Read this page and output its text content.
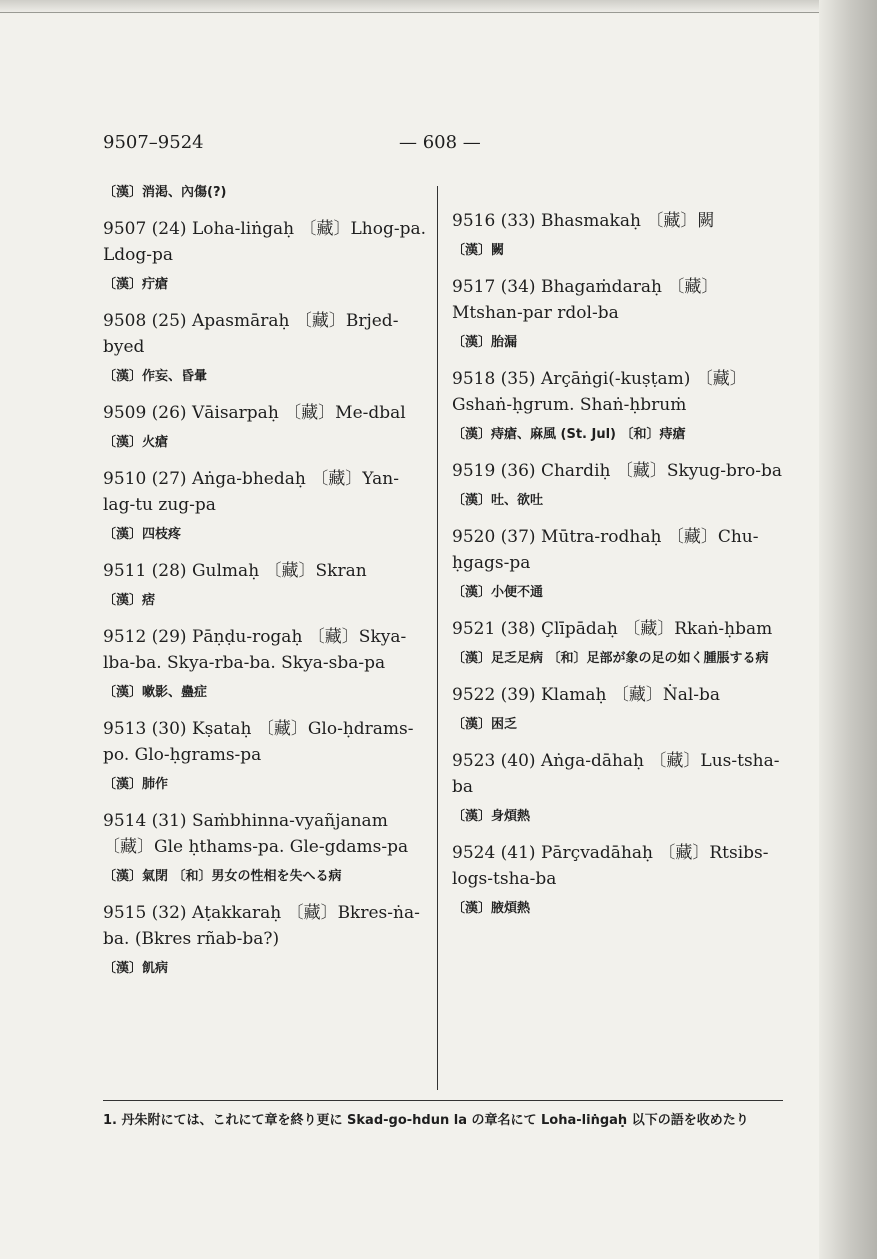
9507–9524	— 608 —
〔漢〕消渇、內傷(?)
9507 (24) Loha-liṅgaḥ 〔藏〕Lhog-pa. Ldog-pa
〔漢〕疔瘡
9508 (25) Apasmāraḥ 〔藏〕Brjed-byed
〔漢〕作妄、昏暈
9509 (26) Vāisarpaḥ 〔藏〕Me-dbal
〔漢〕火瘡
9510 (27) Aṅga-bhedaḥ 〔藏〕Yan-lag-tu zug-pa
〔漢〕四枝疼
9511 (28) Gulmaḥ 〔藏〕Skran
〔漢〕痞
9512 (29) Pāṇḍu-rogaḥ 〔藏〕Skya-lba-ba. Skya-rba-ba. Skya-sba-pa
〔漢〕嗽影、蠱症
9513 (30) Kṣataḥ 〔藏〕Glo-ḥdrams-po. Glo-ḥgrams-pa
〔漢〕肺作
9514 (31) Saṁbhinna-vyañjanam 〔藏〕Gle ḥthams-pa. Gle-gdams-pa
〔漢〕氣閉 〔和〕男女の性相を失へる病
9515 (32) Aṭakkaraḥ 〔藏〕Bkres-ṅa-ba. (Bkres rñab-ba?)
〔漢〕飢病
9516 (33) Bhasmakaḥ 〔藏〕闕
〔漢〕闕
9517 (34) Bhagaṁdaraḥ 〔藏〕Mtshan-par rdol-ba
〔漢〕胎漏
9518 (35) Arçāṅgi(-kuṣṭam) 〔藏〕Gshaṅ-ḥgrum. Shaṅ-ḥbruṁ
〔漢〕痔瘡、麻風 (St. Jul) 〔和〕痔瘡
9519 (36) Chardiḥ 〔藏〕Skyug-bro-ba
〔漢〕吐、欲吐
9520 (37) Mūtra-rodhaḥ 〔藏〕Chu-ḥgags-pa
〔漢〕小便不通
9521 (38) Çlīpādaḥ 〔藏〕Rkaṅ-ḥbam
〔漢〕足乏足病 〔和〕足部が象の足の如く腫脹する病
9522 (39) Klamaḥ 〔藏〕Ṅal-ba
〔漢〕困乏
9523 (40) Aṅga-dāhaḥ 〔藏〕Lus-tsha-ba
〔漢〕身煩熱
9524 (41) Pārçvadāhaḥ 〔藏〕Rtsibs-logs-tsha-ba
〔漢〕腋煩熱
1. 丹朱附にては、これにて章を終り更に Skad-go-hdun la の章名にて Loha-liṅgaḥ 以下の語を收めたり
